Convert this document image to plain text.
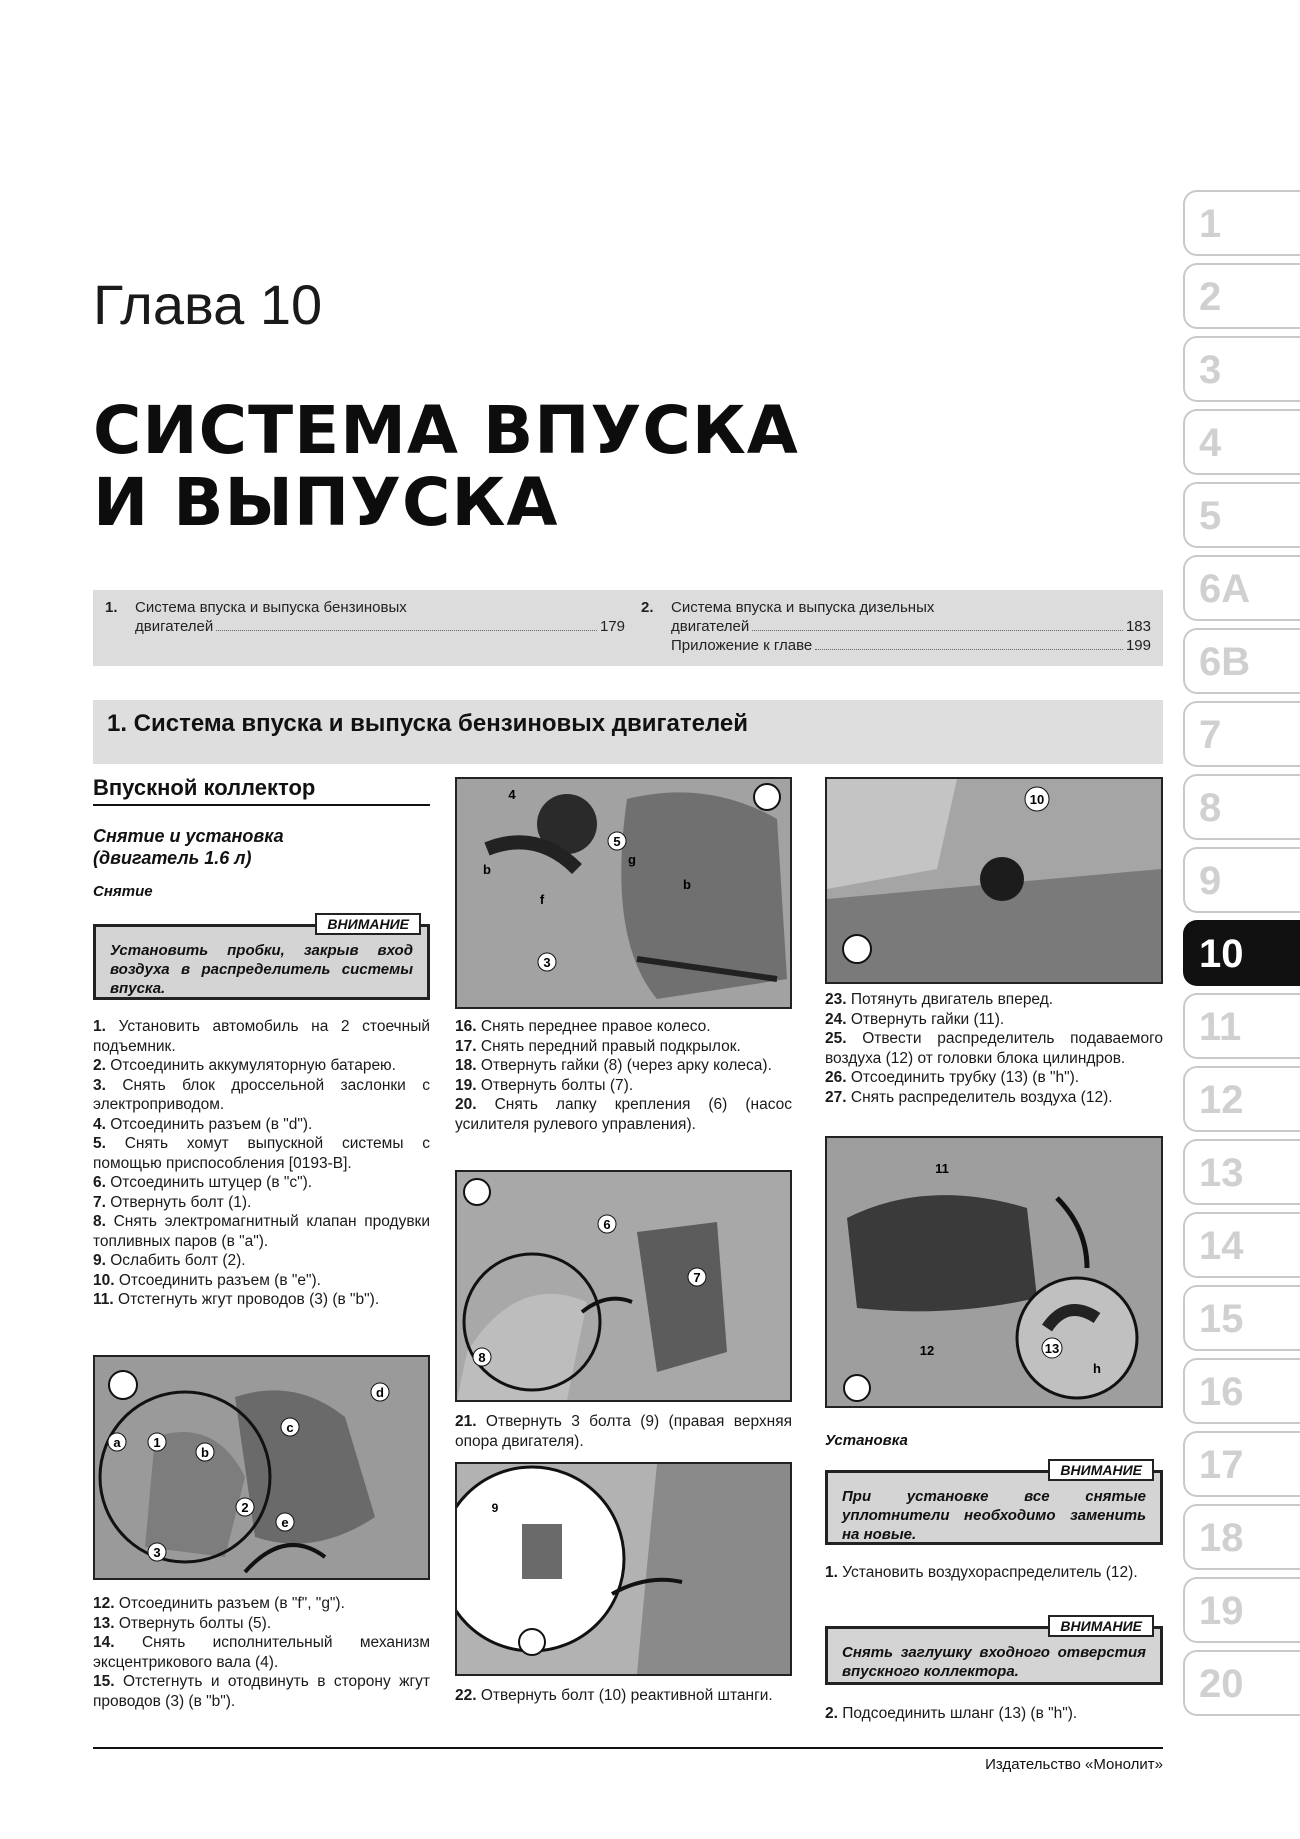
Глава 10
СИСТЕМА ВПУСКА
И ВЫПУСКА
1. Система впуска и выпуска бензиновых
двигателей	179
2. Система впуска и выпуска дизельных
двигателей	183
Приложение к главе	199
1. Система впуска и выпуска бензиновых двигателей
Впускной коллектор
Снятие и установка
(двигатель 1.6 л)
Снятие
ВНИМАНИЕ
Установить пробки, закрыв вход воздуха в распределитель системы впуска.

1. Установить автомобиль на 2 стоечный подъемник.

2. Отсоединить аккумуляторную батарею.

3. Снять блок дроссельной заслонки с электроприводом.

4. Отсоединить разъем (в "d").

5. Снять хомут выпускной системы с помощью приспособления [0193-B].

6. Отсоединить штуцер (в "c").

7. Отвернуть болт (1).

8. Снять электромагнитный клапан продувки топливных паров (в "a").

9. Ослабить болт (2).

10. Отсоединить разъем (в "e").

11. Отстегнуть жгут проводов (3) (в "b").

a	1
b
c
d
2
e
3

12. Отсоединить разъем (в "f", "g").

13. Отвернуть болты (5).

14. Снять исполнительный механизм эксцентрикового вала (4).

15. Отстегнуть и отодвинуть в сторону жгут проводов (3) (в "b").

4
5
g
b
f
b
3

16. Снять переднее правое колесо.

17. Снять передний правый подкрылок.

18. Отвернуть гайки (8) (через арку колеса).

19. Отвернуть болты (7).

20. Снять лапку крепления (6) (насос усилителя рулевого управления).

6
7
8

21. Отвернуть 3 болта (9) (правая верхняя опора двигателя).

9

22. Отвернуть болт (10) реактивной штанги.

10

23. Потянуть двигатель вперед.

24. Отвернуть гайки (11).

25. Отвести распределитель подаваемого воздуха (12) от головки блока цилиндров.

26. Отсоединить трубку (13) (в "h").

27. Снять распределитель воздуха (12).

11
12	13
h
Установка
ВНИМАНИЕ
При установке все снятые уплотнители необходимо заменить на новые.

1. Установить воздухораспределитель (12).

ВНИМАНИЕ
Снять заглушку входного отверстия впускного коллектора.

2. Подсоединить шланг (13) (в "h").

1
2
3
4
5
6A
6B
7
8
9
10
11
12
13
14
15
16
17
18
19
20
Издательство «Монолит»
